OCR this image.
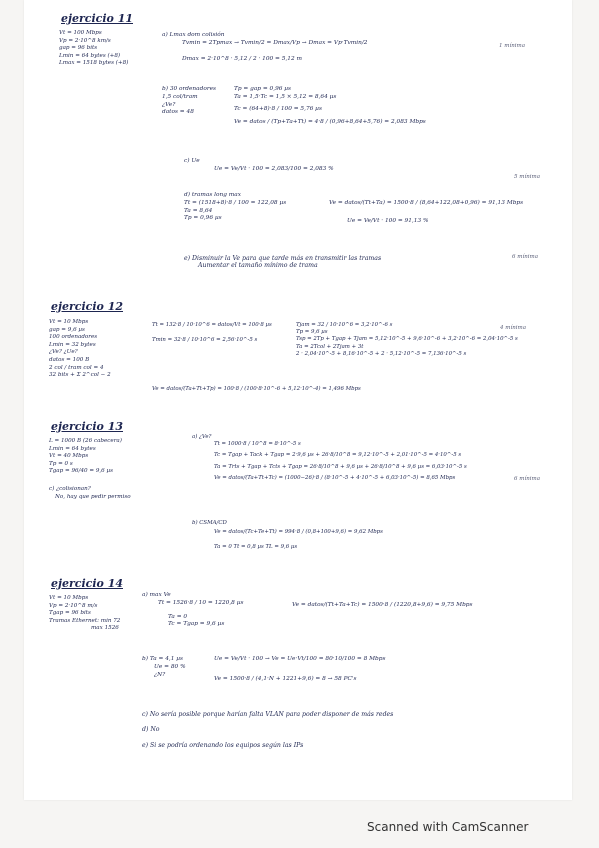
ejercicio 11
Vt = 100 Mbps
Vp = 2·10^8 km/s
gap = 96 bits
Lmin = 64 bytes (+8)
Lmax = 1518 bytes (+8)
a) Lmax dom colisión
Tvmin = 2Tpmax → Tvmin/2 = Dmax/Vp → Dmax = Vp·Tvmin/2
Dmax = 2·10^8 · 5,12 / 2 · 100 = 5,12 m
b) 30 ordenadores
1,5 col/tram
¿Ve?
datos = 48
Tp = gap = 0,96 µs
Ta = 1,5·Tc = 1,5 × 5,12 = 8,64 µs
Tc = (64+8)·8 / 100 = 5,76 µs
Ve = datos / (Tp+Ta+Tt) = 4·8 / (0,96+8,64+5,76) = 2,083 Mbps
c) Ue
Ue = Ve/Vt · 100 = 2,083/100 = 2,083 %
d) tramas long max
Tt = (1518+8)·8 / 100 = 122,08 µs
Ta = 8,64
Tp = 0,96 µs
Ve = datos/(Tt+Ta) = 1500·8 / (8,64+122,08+0,96) = 91,13 Mbps
Ue = Ve/Vt · 100 = 91,13 %
e) Disminuir la Ve para que tarde más en transmitir las tramas
Aumentar el tamaño mínimo de trama
1 mínima
5 mínima
6 mínima
ejercicio 12
Vt = 10 Mbps
gap = 9,6 µs
100 ordenadores
Lmin = 32 bytes
¿Ve? ¿Ue?
datos = 100 B
2 col / tram col = 4
32 bits + Σ 2^col − 2
Tt = 132·8 / 10·10^6 = datos/Vt = 100·8 µs
Tmin = 32·8 / 10·10^6 = 2,56·10^-5 s
Tjam = 32 / 10·10^6 = 3,2·10^-6 s
Tp = 9,6 µs
Tsp = 2Tp + Tgap + Tjam = 5,12·10^-5 + 9,6·10^-6 + 3,2·10^-6 = 2,04·10^-5 s
Ta = 2Tcol + 2Tjam + 3t
2 · 2,04·10^-5 + 8,16·10^-5 + 2 · 5,12·10^-5 = 7,136·10^-5 s
Ve = datos/(Ta+Tt+Tp) = 100·8 / (100·8·10^-6 + 5,12·10^-4) = 1,496 Mbps
4 mínima
ejercicio 13
L = 1000 B (26 cabecera)
Lmin = 64 bytes
Vt = 40 Mbps
Tp = 0 s
Tgap = 96/40 = 9,6 µs
c) ¿colisionan?
No, hay que pedir permiso
a) ¿Ve?
Tt = 1000·8 / 10^8 = 8·10^-5 s
Tc = Tgap + Tack + Tgap = 2·9,6 µs + 26·8/10^8 = 9,12·10^-5 + 2,01·10^-5 = 4·10^-5 s
Ta = Trts + Tgap + Tcts + Tgap = 26·8/10^8 + 9,6 µs + 26·8/10^8 + 9,6 µs = 6,03·10^-5 s
Ve = datos/(Ta+Tt+Tc) = (1000−26)·8 / (8·10^-5 + 4·10^-5 + 6,03·10^-5) = 8,65 Mbps
b) CSMA/CD
Ve = datos/(Tc+Te+Tt) = 994·8 / (0,8+100+9,6) = 9,62 Mbps
Ta = 0 Tt = 0,8 µs TL = 9,6 µs
6 mínima
ejercicio 14
Vt = 10 Mbps
Vp = 2·10^8 m/s
Tgap = 96 bits
Tramas Ethernet: min 72
max 1526
a) max Ve
Tt = 1526·8 / 10 = 1220,8 µs
Ta = 0
Tc = Tgap = 9,6 µs
Ve = datos/(Tt+Ta+Tc) = 1500·8 / (1220,8+9,6) = 9,75 Mbps
b) Ta = 4,1 µs
Ue = 80 %
¿N?
Ue = Ve/Vt · 100 → Ve = Ue·Vt/100 = 80·10/100 = 8 Mbps
Ve = 1500·8 / (4,1·N + 1221+9,6) = 8 → 58 PC's
c) No sería posible porque harían falta VLAN para poder disponer de más redes
d) No
e) Si se podría ordenando los equipos según las IPs
Scanned with CamScanner
